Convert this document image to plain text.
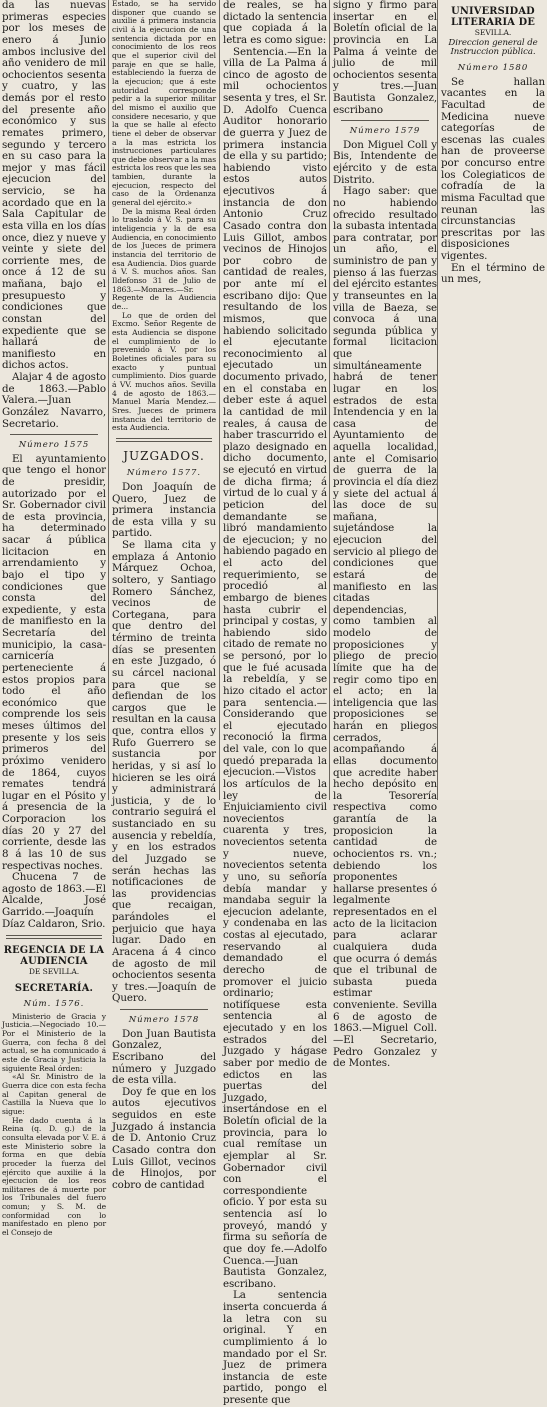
da las nuevas primeras especies por los meses de enero á Junio ambos inclusive del año venidero de mil ochocientos sesenta y cuatro, y las demás por el resto del presente año económico y sus remates primero, segundo y tercero en su caso para la mejor y mas fácil ejecucion del servicio, se ha acordado que en la Sala Capitular de esta villa en los días once, diez y nueve y veinte y siete del corriente mes, de once á 12 de su mañana, bajo el presupuesto y condiciones que constan del expediente que se hallará de manifiesto en dichos actos.

Alajar 4 de agosto de 1863.—Pablo Valera.—Juan González Navarro, Secretario.

Número 1575

El ayuntamiento que tengo el honor de presidir, autorizado por el Sr. Gobernador civil de esta provincia, ha determinado sacar á pública licitacion en arrendamiento y bajo el tipo y condiciones que consta del expediente, y esta de manifiesto en la Secretaría del municipio, la casa-carnicería perteneciente á estos propios para todo el año económico que comprende los seis meses últimos del presente y los seis primeros del próximo venidero de 1864, cuyos remates tendrá lugar en el Pósito y á presencia de la Corporacion los días 20 y 27 del corriente, desde las 8 á las 10 de sus respectivas noches.

Chucena 7 de agosto de 1863.—El Alcalde, José Garrido.—Joaquín Díaz Caldaron, Srio.

REGENCIA DE LA AUDIENCIA
DE SEVILLA.
SECRETARÍA.
Núm. 1576.

Ministerio de Gracia y Justicia.—Negociado 10.—Por el Ministerio de la Guerra, con fecha 8 del actual, se ha comunicado á este de Gracia y Justicia la siguiente Real órden:

«Al Sr. Ministro de la Guerra dice con esta fecha al Capitan general de Castilla la Nueva que lo sigue:

He dado cuenta á la Reina (q. D. g.) de la consulta elevada por V. E. á este Ministerio sobre la forma en que debía proceder la fuerza del ejército que auxilie á la ejecucion de los reos militares de á muerte por los Tribunales del fuero comun; y S. M. de conformidad con lo manifestado en pleno por el Consejo de

Estado, se ha servido disponer que cuando se auxilie á primera instancia civil á la ejecucion de una sentencia dictada por en conocimiento de los reos que el superior civil del paraje en que se halle, estableciendo la fuerza de la ejecucion; que á este autoridad corresponde pedir a la superior militar del mismo el auxilio que considere necesario, y que la que se halle al efecto tiene el deber de observar a la mas estricta los instrucciones particulares que debe observar a la mas estricta los reos que les sea tambien, durante la ejecucion, respecto del caso de la Ordenanza general del ejército.»

De la misma Real órden lo traslado á V. S. para su inteligencia y la de esa Audiencia, en conocimiento de los Jueces de primera instancia del territorio de esa Audiencia. Dios guarde á V. S. muchos años. San Ildefonso 31 de Julio de 1863.—Monares.—Sr. Regente de la Audiencia de...

Lo que de orden del Excmo. Señor Regente de esta Audiencia se dispone el cumplimiento de lo prevenido á V. por los Boletines oficiales para su exacto y puntual cumplimiento. Dios guarde á VV. muchos años. Sevilla 4 de agosto de 1863.—Manuel María Mendez.—Sres. Jueces de primera instancia del territorio de esta Audiencia.

JUZGADOS.
Número 1577.

Don Joaquín de Quero, Juez de primera instancia de esta villa y su partido.

Se llama cita y emplaza á Antonio Márquez Ochoa, soltero, y Santiago Romero Sánchez, vecinos de Cortegana, para que dentro del término de treinta días se presenten en este Juzgado, ó su cárcel nacional para que se defiendan de los cargos que le resultan en la causa que, contra ellos y Rufo Guerrero se sustancia por heridas, y si así lo hicieren se les oirá y administrará justicia, y de lo contrario seguirá el sustanciado en su ausencia y rebeldía, y en los estrados del Juzgado se serán hechas las notificaciones de las providencias que recaigan, parándoles el perjuicio que haya lugar. Dado en Aracena á 4 cinco de agosto de mil ochocientos sesenta y tres.—Joaquín de Quero.

Número 1578

Don Juan Bautista Gonzalez, Escribano del número y Juzgado de esta villa.

Doy fe que en los autos ejecutivos seguidos en este Juzgado á instancia de D. Antonio Cruz Casado contra don Luis Gillot, vecinos de Hinojos, por cobro de cantidad

de reales, se ha dictado la sentencia que copiada á la letra es como sigue:

Sentencia.—En la villa de La Palma á cinco de agosto de mil ochocientos sesenta y tres, el Sr. D. Adolfo Cuenca Auditor honorario de guerra y Juez de primera instancia de ella y su partido; habiendo visto estos autos ejecutivos á instancia de don Antonio Cruz Casado contra don Luis Gillot, ambos vecinos de Hinojos por cobro de cantidad de reales, por ante mí el escribano dijo: Que resultando de los mismos, que habiendo solicitado el ejecutante reconocimiento al ejecutado un documento privado, en el constaba en deber este á aquel la cantidad de mil reales, á causa de haber trascurrido el plazo designado en dicho documento, se ejecutó en virtud de dicha firma; á virtud de lo cual y á peticion del demandante se libró mandamiento de ejecucion; y no habiendo pagado en el acto del requerimiento, se procedió al embargo de bienes hasta cubrir el principal y costas, y habiendo sido citado de remate no se personó, por lo que le fué acusada la rebeldía, y se hizo citado el actor para sentencia.—Considerando que el ejecutado reconoció la firma del vale, con lo que quedó preparada la ejecucion.—Vistos los artículos de la ley de Enjuiciamiento civil novecientos cuarenta y tres, novecientos setenta y nueve, novecientos setenta y uno, su señoría debía mandar y mandaba seguir la ejecucion adelante, y condenaba en las costas al ejecutado, reservando al demandado el derecho de promover el juicio ordinario; notifíquese esta sentencia al ejecutado y en los estrados del Juzgado y hágase saber por medio de edictos en las puertas del Juzgado, insertándose en el Boletín oficial de la provincia, para lo cual remítase un ejemplar al Sr. Gobernador civil con el correspondiente oficio. Y por esta su sentencia así lo proveyó, mandó y firma su señoría de que doy fe.—Adolfo Cuenca.—Juan Bautista Gonzalez, escribano.

La sentencia inserta concuerda á la letra con su original. Y en cumplimiento á lo mandado por el Sr. Juez de primera instancia de este partido, pongo el presente que

signo y firmo para insertar en el Boletín oficial de la provincia en La Palma á veinte de julio de mil ochocientos sesenta y tres.—Juan Bautista Gonzalez, escribano

Número 1579

Don Miguel Coll y Bis, Intendente de ejército y de esta Distrito.

Hago saber: que no habiendo ofrecido resultado la subasta intentada para contratar, por un año, el suministro de pan y pienso á las fuerzas del ejército estantes y transeuntes en la villa de Baeza, se convoca á una segunda pública y formal licitacion que simultáneamente habrá de tener lugar en los estrados de esta Intendencia y en la casa de Ayuntamiento de aquella localidad, ante el Comisario de guerra de la provincia el día diez y siete del actual á las doce de su mañana, sujetándose la ejecucion del servicio al pliego de condiciones que estará de manifiesto en las citadas dependencias, como tambien al modelo de proposiciones y pliego de precio límite que ha de regir como tipo en el acto; en la inteligencia que las proposiciones se harán en pliegos cerrados, acompañando á ellas documento que acredite haber hecho depósito en la Tesorería respectiva como garantía de la proposicion la cantidad de ochocientos rs. vn.; debiendo los proponentes hallarse presentes ó legalmente representados en el acto de la licitacion para aclarar cualquiera duda que ocurra ó demás que el tribunal de subasta pueda estimar conveniente. Sevilla 6 de agosto de 1863.—Miguel Coll.—El Secretario, Pedro Gonzalez y de Montes.

UNIVERSIDAD LITERARIA DE
SEVILLA.
Direccion general de Instruccion pública.
Número 1580

Se hallan vacantes en la Facultad de Medicina nueve categorías de escenas las cuales han de proveerse por concurso entre los Colegiaticos de cofradía de la misma Facultad que reunan las circunstancias prescritas por las disposiciones vigentes.

En el término de un mes,
